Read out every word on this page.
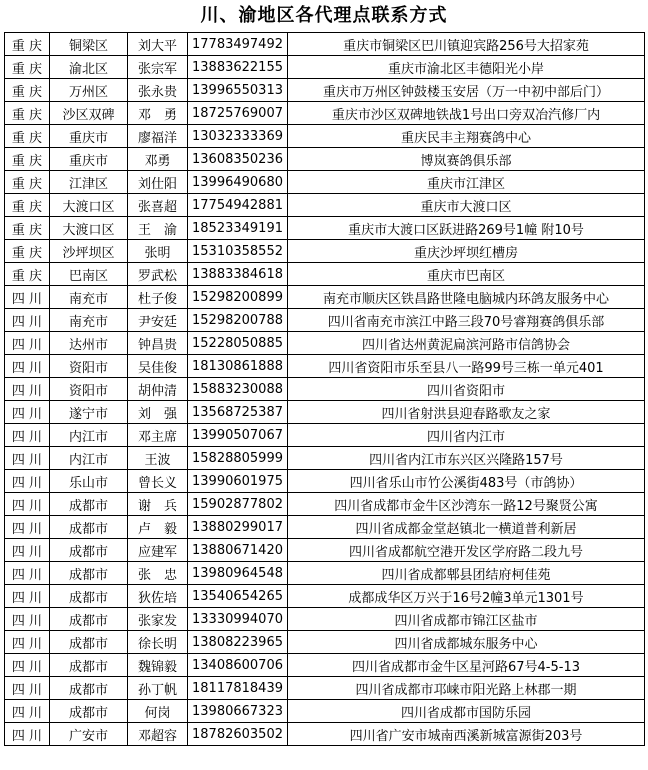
川、渝地区各代理点联系方式
重 庆	铜梁区	刘大平	17783497492	重庆市铜梁区巴川镇迎宾路256号大招家苑
重 庆	渝北区	张宗军	13883622155	重庆市渝北区丰德阳光小岸
重 庆	万州区	张永贵	13996550313	重庆市万州区钟鼓楼玉安居（万一中初中部后门）
重 庆	沙区双碑	邓　勇	18725769007	重庆市沙区双碑地铁战1号出口旁双冶汽修厂内
重 庆	重庆市	廖福洋	13032333369	重庆民丰主翔赛鸽中心
重 庆	重庆市	邓勇	13608350236	博岚赛鸽俱乐部
重 庆	江津区	刘仕阳	13996490680	重庆市江津区
重 庆	大渡口区	张喜超	17754942881	重庆市大渡口区
重 庆	大渡口区	王　渝	18523349191	重庆市大渡口区跃进路269号1幢 附10号
重 庆	沙坪坝区	张明	15310358552	重庆沙坪坝红槽房
重 庆	巴南区	罗武松	13883384618	重庆市巴南区
四 川	南充市	杜子俊	15298200899	南充市顺庆区铁昌路世隆电脑城内环鸽友服务中心
四 川	南充市	尹安廷	15298200788	四川省南充市滨江中路三段70号睿翔赛鸽俱乐部
四 川	达州市	钟昌贵	15228050885	四川省达州黄泥扁滨河路市信鸽协会
四 川	资阳市	吴佳俊	18130861888	四川省资阳市乐至县八一路99号三栋一单元401
四 川	资阳市	胡仲清	15883230088	四川省资阳市
四 川	遂宁市	刘　强	13568725387	四川省射洪县迎春路歌友之家
四 川	内江市	邓主席	13990507067	四川省内江市
四 川	内江市	王波	15828805999	四川省内江市东兴区兴隆路157号
四 川	乐山市	曾长义	13990601975	四川省乐山市竹公溪街483号（市鸽协）
四 川	成都市	谢　兵	15902877802	四川省成都市金牛区沙湾东一路12号聚贤公寓
四 川	成都市	卢　毅	13880299017	四川省成都金堂赵镇北一横道普利新居
四 川	成都市	应建军	13880671420	四川省成都航空港开发区学府路二段九号
四 川	成都市	张　忠	13980964548	四川省成都郫县团结府柯佳苑
四 川	成都市	狄佐培	13540654265	成都成华区万兴于16号2幢3单元1301号
四 川	成都市	张家发	13330994070	四川省成都市锦江区盐市
四 川	成都市	徐长明	13808223965	四川省成都城东服务中心
四 川	成都市	魏锦毅	13408600706	四川省成都市金牛区星河路67号4-5-13
四 川	成都市	孙丁帆	18117818439	四川省成都市邛崃市阳光路上林郡一期
四 川	成都市	何岗	13980667323	四川省成都市国防乐园
四 川	广安市	邓超容	18782603502	四川省广安市城南西溪新城富源街203号
